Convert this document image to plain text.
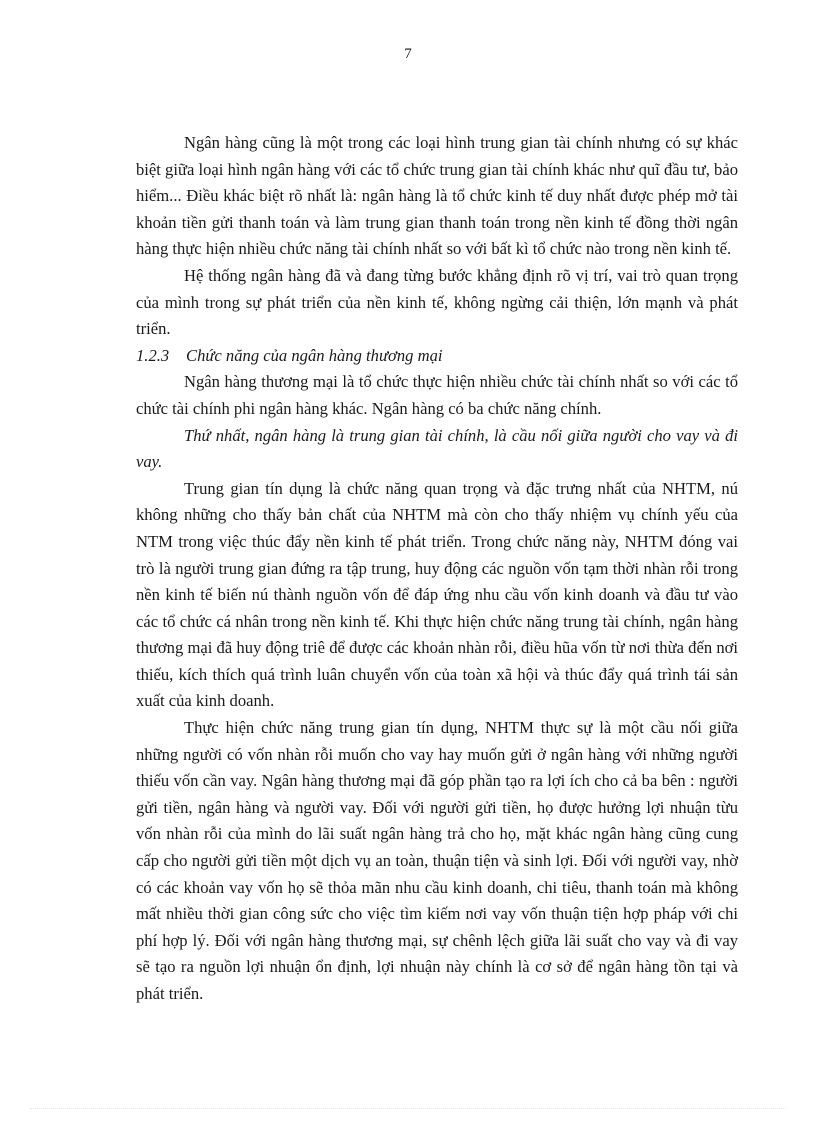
7

Ngân hàng cũng là một trong các loại hình trung gian tài chính nhưng có sự khác biệt giữa loại hình ngân hàng với các tổ chức trung gian tài chính khác như quĩ đầu tư, bảo hiểm... Điều khác biệt rõ nhất là: ngân hàng là tổ chức kinh tế duy nhất được phép mở tài khoản tiền gửi thanh toán và làm trung gian thanh toán trong nền kinh tế đồng thời ngân hàng thực hiện nhiều chức năng tài chính nhất so với bất kì tổ chức nào trong nền kinh tế.

Hệ thống ngân hàng đã và đang từng bước khẳng định rõ vị trí, vai trò quan trọng của mình trong sự phát triển của nền kinh tế, không ngừng cải thiện, lớn mạnh và phát triển.

1.2.3 Chức năng của ngân hàng thương mại

Ngân hàng thương mại là tổ chức thực hiện nhiều chức tài chính nhất so với các tổ chức tài chính phi ngân hàng khác. Ngân hàng có ba chức năng chính.

Thứ nhất, ngân hàng là trung gian tài chính, là cầu nối giữa người cho vay và đi vay.

Trung gian tín dụng là chức năng quan trọng và đặc trưng nhất của NHTM, nú không những cho thấy bản chất của NHTM mà còn cho thấy nhiệm vụ chính yếu của NTM trong việc thúc đẩy nền kinh tế phát triển. Trong chức năng này, NHTM đóng vai trò là người trung gian đứng ra tập trung, huy động các nguồn vốn tạm thời nhàn rỗi trong nền kinh tế biến nú thành nguồn vốn để đáp ứng nhu cầu vốn kinh doanh và đầu tư vào các tổ chức cá nhân trong nền kinh tế. Khi thực hiện chức năng trung tài chính, ngân hàng thương mại đã huy động triê để được các khoản nhàn rỗi, điều hũa vốn từ nơi thừa đến nơi thiếu, kích thích quá trình luân chuyển vốn của toàn xã hội và thúc đẩy quá trình tái sản xuất của kinh doanh.

Thực hiện chức năng trung gian tín dụng, NHTM thực sự là một cầu nối giữa những người có vốn nhàn rỗi muốn cho vay hay muốn gửi ở ngân hàng với những người thiếu vốn cần vay. Ngân hàng thương mại đã góp phần tạo ra lợi ích cho cả ba bên : người gửi tiền, ngân hàng và người vay. Đối với người gửi tiền, họ được hưởng lợi nhuận từu vốn nhàn rỗi của mình do lãi suất ngân hàng trả cho họ, mặt khác ngân hàng cũng cung cấp cho người gửi tiền một dịch vụ an toàn, thuận tiện và sinh lợi. Đối với người vay, nhờ có các khoản vay vốn họ sẽ thỏa mãn nhu cầu kinh doanh, chi tiêu, thanh toán mà không mất nhiều thời gian công sức cho việc tìm kiếm nơi vay vốn thuận tiện hợp pháp với chi phí hợp lý. Đối với ngân hàng thương mại, sự chênh lệch giữa lãi suất cho vay và đi vay sẽ tạo ra nguồn lợi nhuận ổn định, lợi nhuận này chính là cơ sở để ngân hàng tồn tại và phát triển.
